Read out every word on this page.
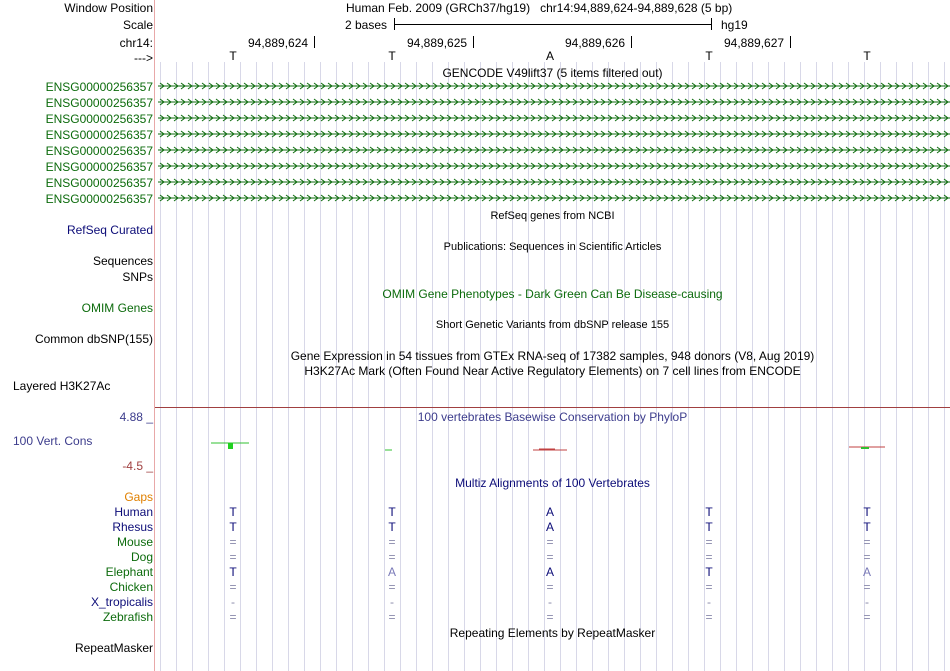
Window Position	Human Feb. 2009 (GRCh37/hg19)   chr14:94,889,624-94,889,628 (5 bp)
Scale	2 bases	hg19
chr14:	94,889,624	94,889,625	94,889,626	94,889,627
--->	T	T	A	T	T
GENCODE V49lift37 (5 items filtered out)
ENSG00000256357
ENSG00000256357
ENSG00000256357
ENSG00000256357
ENSG00000256357
ENSG00000256357
ENSG00000256357
ENSG00000256357
RefSeq genes from NCBI
RefSeq Curated
Publications: Sequences in Scientific Articles
Sequences
SNPs
OMIM Gene Phenotypes - Dark Green Can Be Disease-causing
OMIM Genes
Short Genetic Variants from dbSNP release 155
Common dbSNP(155)
Gene Expression in 54 tissues from GTEx RNA-seq of 17382 samples, 948 donors (V8, Aug 2019)
H3K27Ac Mark (Often Found Near Active Regulatory Elements) on 7 cell lines from ENCODE
Layered H3K27Ac
100 vertebrates Basewise Conservation by PhyloP
4.88 _
100 Vert. Cons
-4.5 _
Multiz Alignments of 100 Vertebrates
Gaps
Human	T	T	A	T	T
Rhesus	T	T	A	T	T
Mouse	=	=	=	=	=
Dog	=	=	=	=	=
Elephant	T	A	A	T	A
Chicken	=	=	=	=	=
X_tropicalis	-	-	-	-	-
Zebrafish	=	=	=	=	=
Repeating Elements by RepeatMasker
RepeatMasker
